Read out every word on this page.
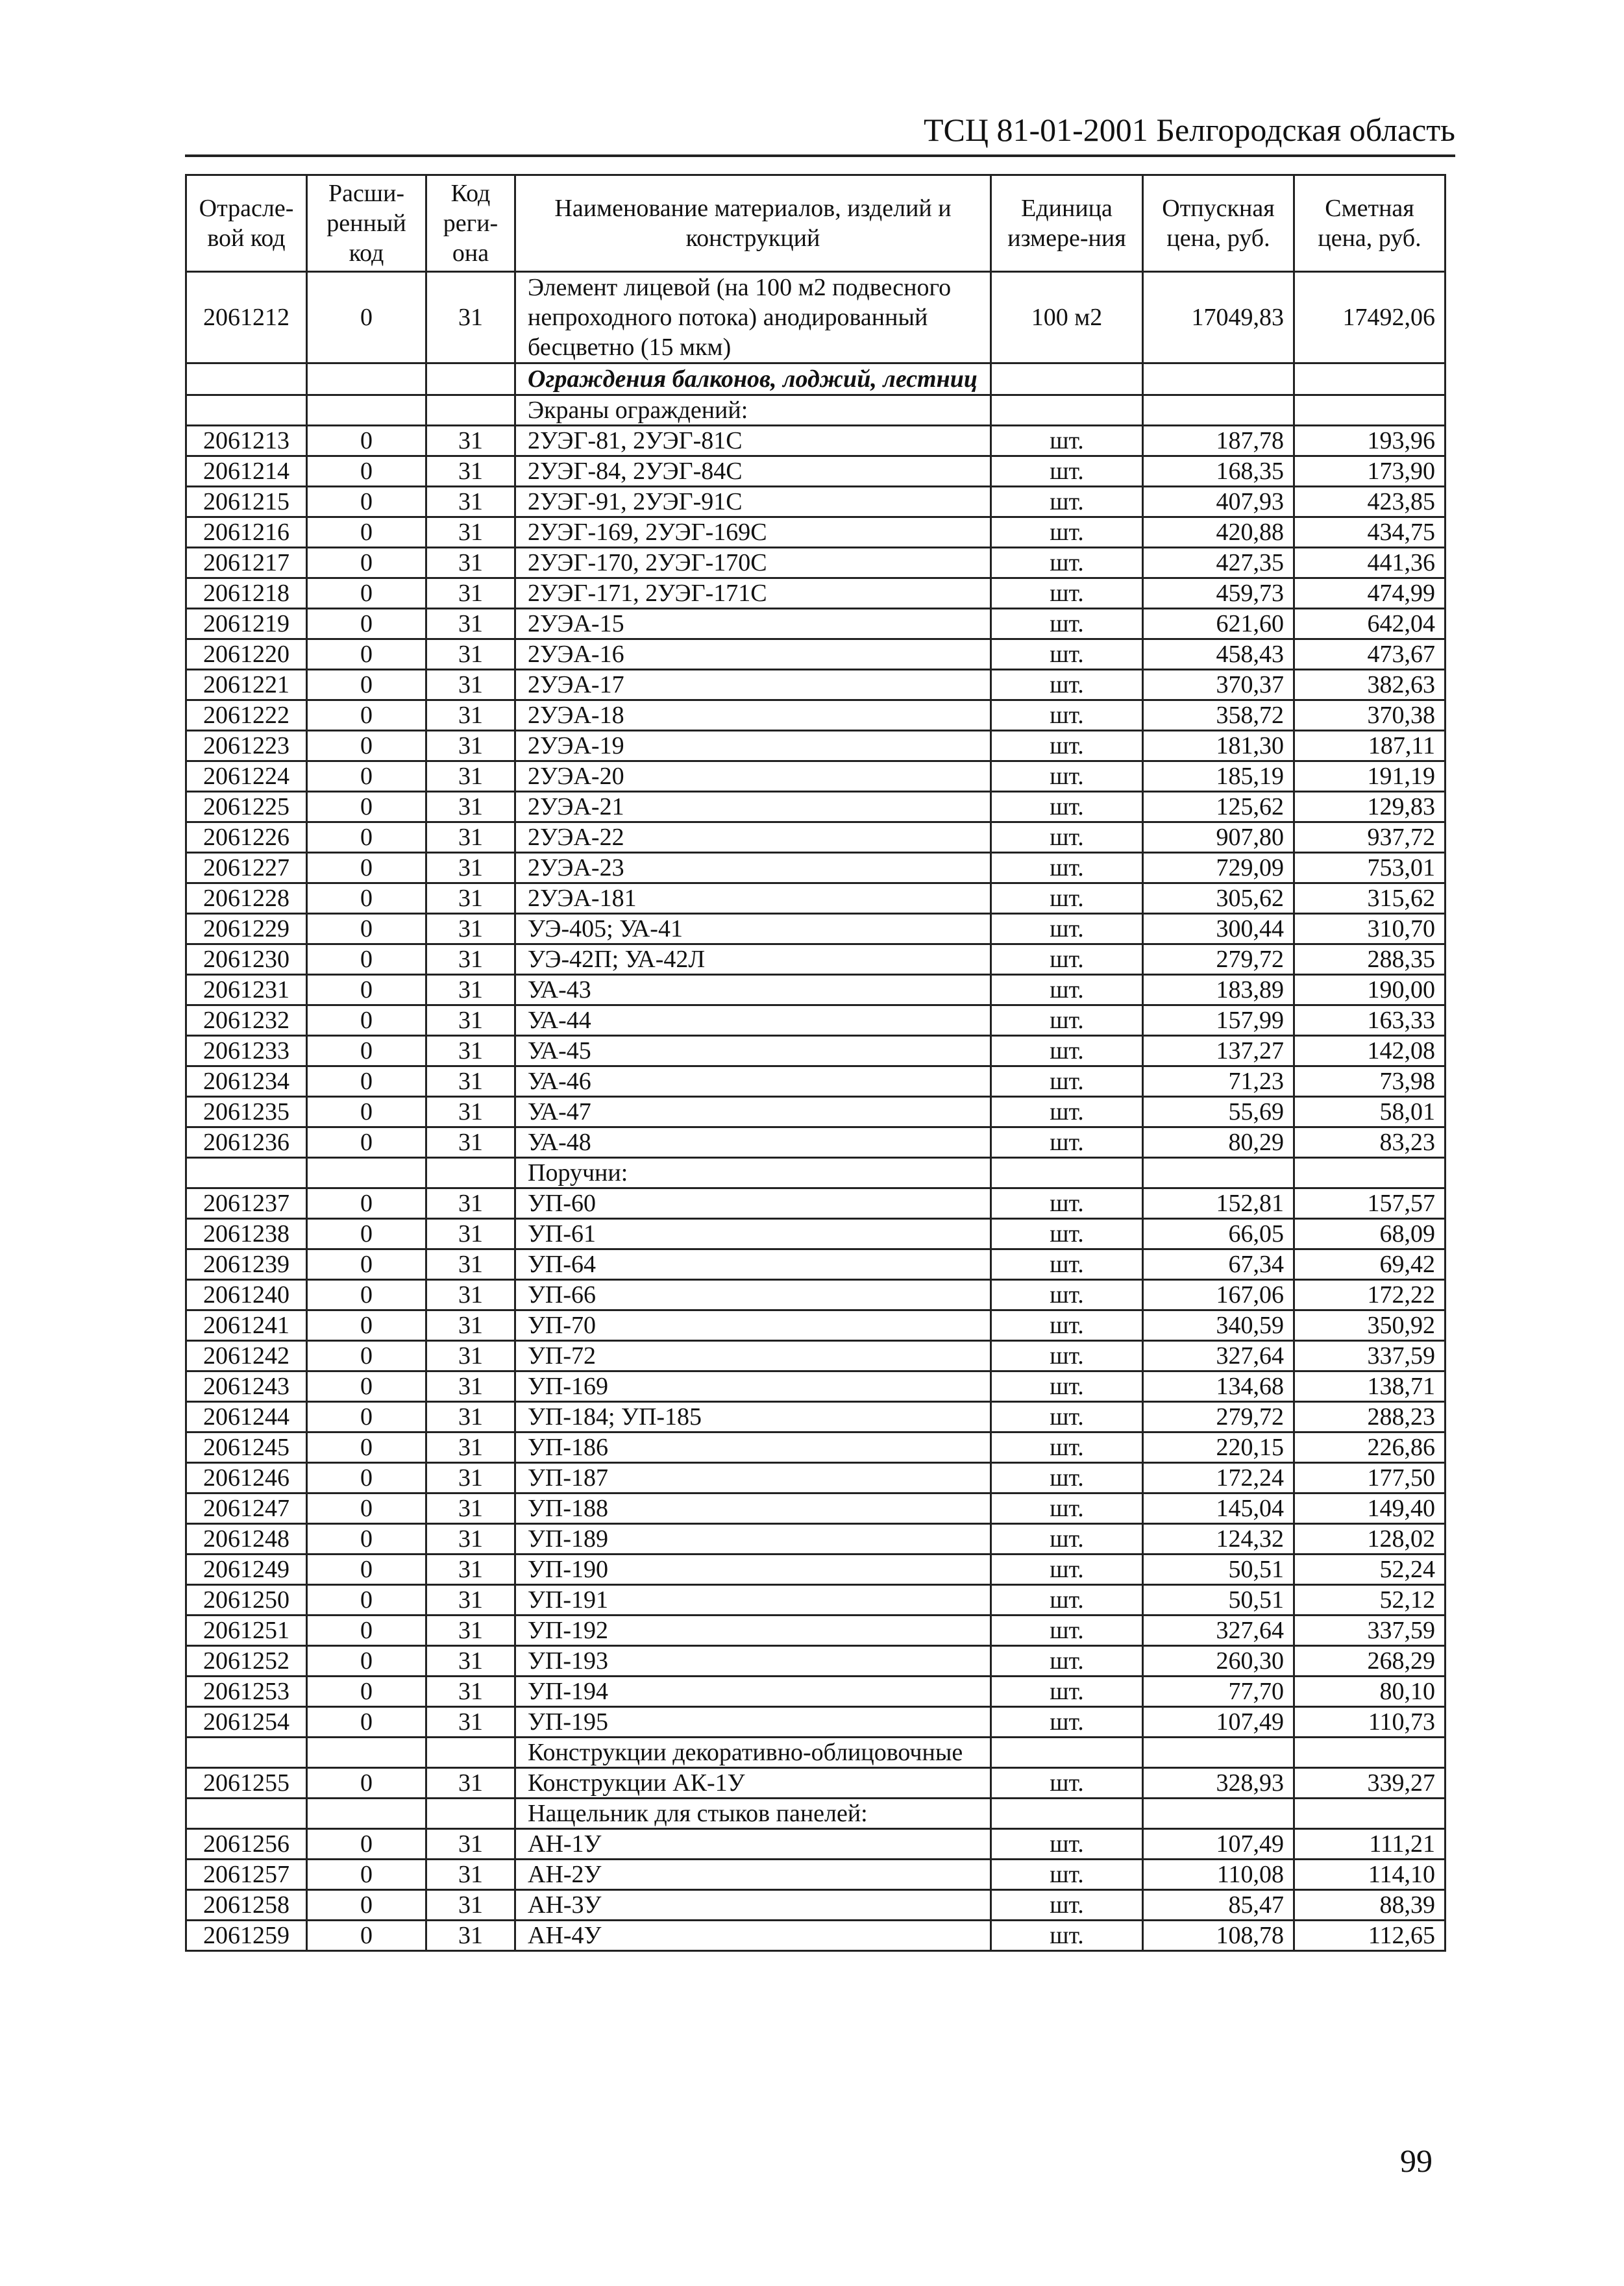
ТСЦ 81-01-2001 Белгородская область
Отрасле-вой код	Расши-ренный код	Код реги-она	Наименование материалов, изделий и конструкций	Единица измере-ния	Отпускная цена, руб.	Сметная цена, руб.
2061212	0	31	Элемент лицевой (на 100 м2 подвесного непроходного потока) анодированный бесцветно (15 мкм)	100 м2	17049,83	17492,06
			Ограждения балконов, лоджий, лестниц			
			Экраны ограждений:			
2061213	0	31	2УЭГ-81, 2УЭГ-81С	шт.	187,78	193,96
2061214	0	31	2УЭГ-84, 2УЭГ-84С	шт.	168,35	173,90
2061215	0	31	2УЭГ-91, 2УЭГ-91С	шт.	407,93	423,85
2061216	0	31	2УЭГ-169, 2УЭГ-169С	шт.	420,88	434,75
2061217	0	31	2УЭГ-170, 2УЭГ-170С	шт.	427,35	441,36
2061218	0	31	2УЭГ-171, 2УЭГ-171С	шт.	459,73	474,99
2061219	0	31	2УЭА-15	шт.	621,60	642,04
2061220	0	31	2УЭА-16	шт.	458,43	473,67
2061221	0	31	2УЭА-17	шт.	370,37	382,63
2061222	0	31	2УЭА-18	шт.	358,72	370,38
2061223	0	31	2УЭА-19	шт.	181,30	187,11
2061224	0	31	2УЭА-20	шт.	185,19	191,19
2061225	0	31	2УЭА-21	шт.	125,62	129,83
2061226	0	31	2УЭА-22	шт.	907,80	937,72
2061227	0	31	2УЭА-23	шт.	729,09	753,01
2061228	0	31	2УЭА-181	шт.	305,62	315,62
2061229	0	31	УЭ-405; УА-41	шт.	300,44	310,70
2061230	0	31	УЭ-42П; УА-42Л	шт.	279,72	288,35
2061231	0	31	УА-43	шт.	183,89	190,00
2061232	0	31	УА-44	шт.	157,99	163,33
2061233	0	31	УА-45	шт.	137,27	142,08
2061234	0	31	УА-46	шт.	71,23	73,98
2061235	0	31	УА-47	шт.	55,69	58,01
2061236	0	31	УА-48	шт.	80,29	83,23
			Поручни:			
2061237	0	31	УП-60	шт.	152,81	157,57
2061238	0	31	УП-61	шт.	66,05	68,09
2061239	0	31	УП-64	шт.	67,34	69,42
2061240	0	31	УП-66	шт.	167,06	172,22
2061241	0	31	УП-70	шт.	340,59	350,92
2061242	0	31	УП-72	шт.	327,64	337,59
2061243	0	31	УП-169	шт.	134,68	138,71
2061244	0	31	УП-184; УП-185	шт.	279,72	288,23
2061245	0	31	УП-186	шт.	220,15	226,86
2061246	0	31	УП-187	шт.	172,24	177,50
2061247	0	31	УП-188	шт.	145,04	149,40
2061248	0	31	УП-189	шт.	124,32	128,02
2061249	0	31	УП-190	шт.	50,51	52,24
2061250	0	31	УП-191	шт.	50,51	52,12
2061251	0	31	УП-192	шт.	327,64	337,59
2061252	0	31	УП-193	шт.	260,30	268,29
2061253	0	31	УП-194	шт.	77,70	80,10
2061254	0	31	УП-195	шт.	107,49	110,73
			Конструкции декоративно-облицовочные			
2061255	0	31	Конструкции АК-1У	шт.	328,93	339,27
			Нащельник для стыков панелей:			
2061256	0	31	АН-1У	шт.	107,49	111,21
2061257	0	31	АН-2У	шт.	110,08	114,10
2061258	0	31	АН-3У	шт.	85,47	88,39
2061259	0	31	АН-4У	шт.	108,78	112,65
99
